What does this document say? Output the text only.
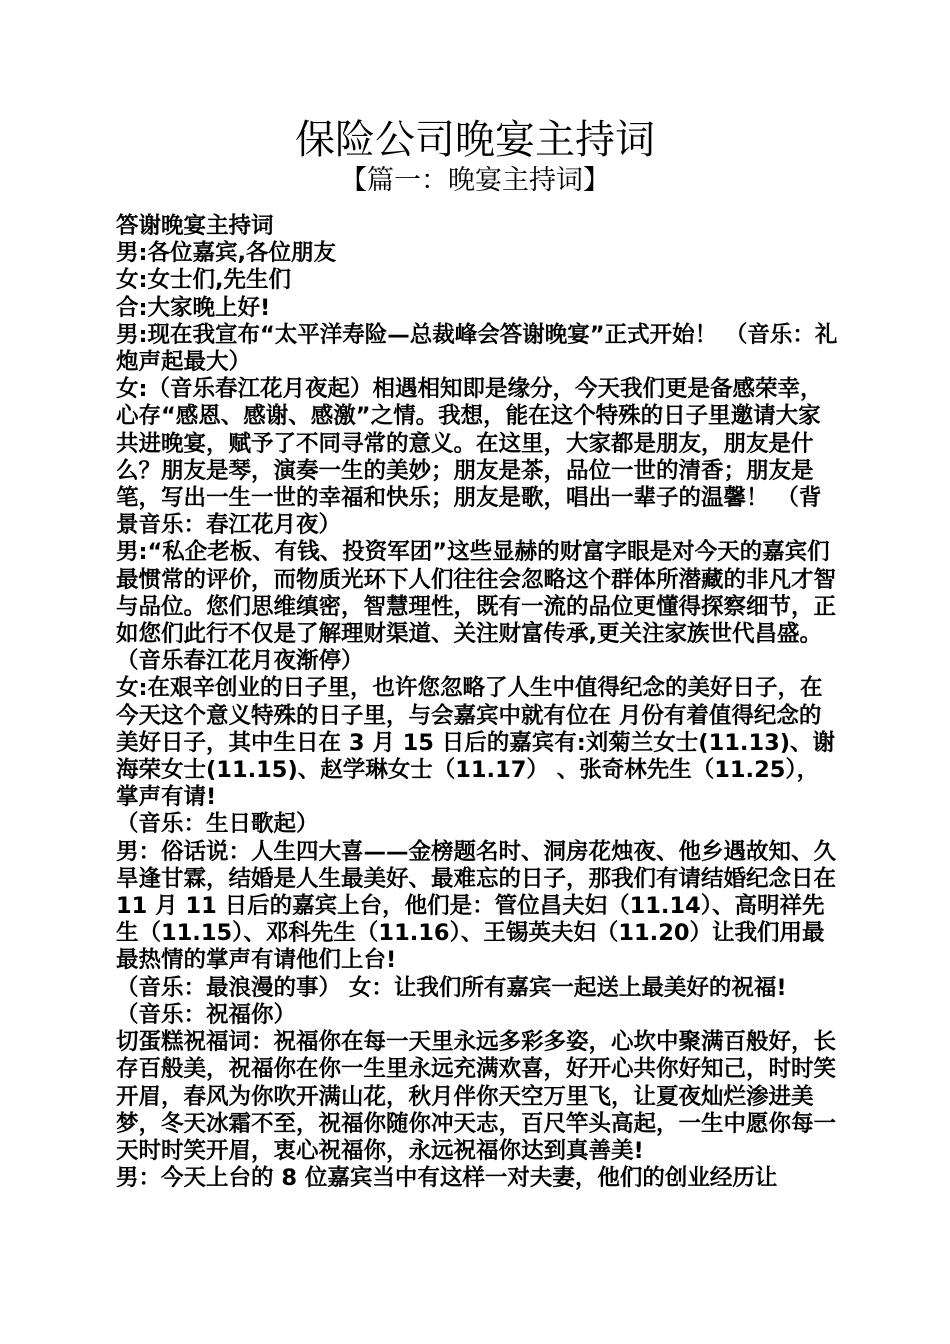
保险公司晚宴主持词
【篇一：晚宴主持词】

答谢晚宴主持词

男:各位嘉宾,各位朋友

女:女士们,先生们

合:大家晚上好!

男:现在我宣布“太平洋寿险—总裁峰会答谢晚宴”正式开始！ （音乐：礼炮声起最大）

女:（音乐春江花月夜起）相遇相知即是缘分，今天我们更是备感荣幸，心存“感恩、感谢、感激”之情。我想，能在这个特殊的日子里邀请大家共进晚宴，赋予了不同寻常的意义。在这里，大家都是朋友，朋友是什么？朋友是琴，演奏一生的美妙；朋友是茶，品位一世的清香；朋友是笔，写出一生一世的幸福和快乐；朋友是歌，唱出一辈子的温馨！ （背景音乐：春江花月夜）

男:“私企老板、有钱、投资军团”这些显赫的财富字眼是对今天的嘉宾们最惯常的评价，而物质光环下人们往往会忽略这个群体所潜藏的非凡才智与品位。您们思维缜密，智慧理性，既有一流的品位更懂得探察细节，正如您们此行不仅是了解理财渠道、关注财富传承,更关注家族世代昌盛。（音乐春江花月夜渐停）

女:在艰辛创业的日子里，也许您忽略了人生中值得纪念的美好日子，在今天这个意义特殊的日子里，与会嘉宾中就有位在 月份有着值得纪念的美好日子，其中生日在 3 月 15 日后的嘉宾有:刘菊兰女士(11.13)、谢海荣女士(11.15)、赵学琳女士（11.17） 、张奇林先生（11.25），掌声有请!

（音乐：生日歌起）

男：俗话说：人生四大喜——金榜题名时、洞房花烛夜、他乡遇故知、久旱逢甘霖，结婚是人生最美好、最难忘的日子，那我们有请结婚纪念日在 11 月 11 日后的嘉宾上台，他们是：管位昌夫妇（11.14）、高明祥先生（11.15）、邓科先生（11.16）、王锡英夫妇（11.20）让我们用最最热情的掌声有请他们上台!

（音乐：最浪漫的事） 女：让我们所有嘉宾一起送上最美好的祝福!

（音乐：祝福你）

切蛋糕祝福词：祝福你在每一天里永远多彩多姿，心坎中聚满百般好，长存百般美，祝福你在你一生里永远充满欢喜，好开心共你好知己，时时笑开眉，春风为你吹开满山花，秋月伴你天空万里飞，让夏夜灿烂渗进美梦，冬天冰霜不至，祝福你随你冲天志，百尺竿头高起，一生中愿你每一天时时笑开眉，衷心祝福你，永远祝福你达到真善美!

男：今天上台的 8 位嘉宾当中有这样一对夫妻，他们的创业经历让
